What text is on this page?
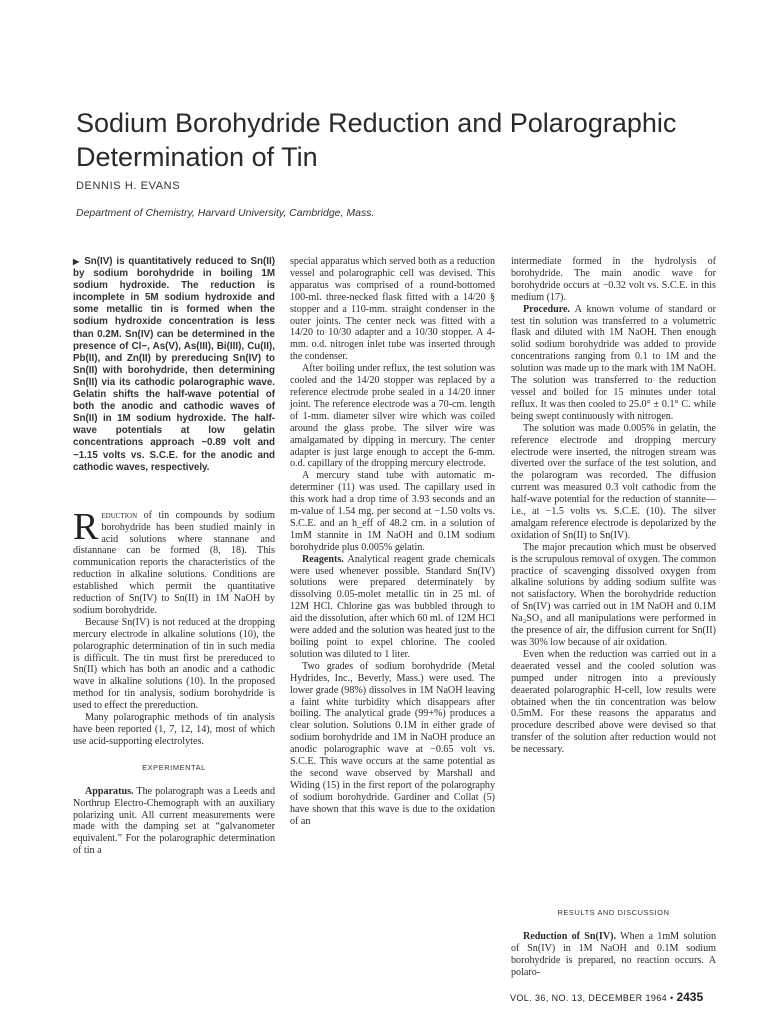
Sodium Borohydride Reduction and Polarographic Determination of Tin
DENNIS H. EVANS
Department of Chemistry, Harvard University, Cambridge, Mass.
▶ Sn(IV) is quantitatively reduced to Sn(II) by sodium borohydride in boiling 1M sodium hydroxide. The reduction is incomplete in 5M sodium hydroxide and some metallic tin is formed when the sodium hydroxide concentration is less than 0.2M. Sn(IV) can be determined in the presence of Cl−, As(V), As(III), Bi(III), Cu(II), Pb(II), and Zn(II) by prereducing Sn(IV) to Sn(II) with borohydride, then determining Sn(II) via its cathodic polarographic wave. Gelatin shifts the half-wave potential of both the anodic and cathodic waves of Sn(II) in 1M sodium hydroxide. The half-wave potentials at low gelatin concentrations approach −0.89 volt and −1.15 volts vs. S.C.E. for the anodic and cathodic waves, respectively.

Reduction of tin compounds by sodium borohydride has been studied mainly in acid solutions where stannane and distannane can be formed (8, 18). This communication reports the characteristics of the reduction in alkaline solutions. Conditions are established which permit the quantitative reduction of Sn(IV) to Sn(II) in 1M NaOH by sodium borohydride.

Because Sn(IV) is not reduced at the dropping mercury electrode in alkaline solutions (10), the polarographic determination of tin in such media is difficult. The tin must first be prereduced to Sn(II) which has both an anodic and a cathodic wave in alkaline solutions (10). In the proposed method for tin analysis, sodium borohydride is used to effect the prereduction.

Many polarographic methods of tin analysis have been reported (1, 7, 12, 14), most of which use acid-supporting electrolytes.

EXPERIMENTAL

Apparatus. The polarograph was a Leeds and Northrup Electro-Chemograph with an auxiliary polarizing unit. All current measurements were made with the damping set at “galvanometer equivalent.” For the polarographic determination of tin a

special apparatus which served both as a reduction vessel and polarographic cell was devised. This apparatus was comprised of a round-bottomed 100-ml. three-necked flask fitted with a 14/20 § stopper and a 110-mm. straight condenser in the outer joints. The center neck was fitted with a 14/20 to 10/30 adapter and a 10/30 stopper. A 4-mm. o.d. nitrogen inlet tube was inserted through the condenser.

After boiling under reflux, the test solution was cooled and the 14/20 stopper was replaced by a reference electrode probe sealed in a 14/20 inner joint. The reference electrode was a 70-cm. length of 1-mm. diameter silver wire which was coiled around the glass probe. The silver wire was amalgamated by dipping in mercury. The center adapter is just large enough to accept the 6-mm. o.d. capillary of the dropping mercury electrode.

A mercury stand tube with automatic m-determiner (11) was used. The capillary used in this work had a drop time of 3.93 seconds and an m-value of 1.54 mg. per second at −1.50 volts vs. S.C.E. and an h_eff of 48.2 cm. in a solution of 1mM stannite in 1M NaOH and 0.1M sodium borohydride plus 0.005% gelatin.

Reagents. Analytical reagent grade chemicals were used whenever possible. Standard Sn(IV) solutions were prepared determinately by dissolving 0.05-molet metallic tin in 25 ml. of 12M HCl. Chlorine gas was bubbled through to aid the dissolution, after which 60 ml. of 12M HCl were added and the solution was heated just to the boiling point to expel chlorine. The cooled solution was diluted to 1 liter.

Two grades of sodium borohydride (Metal Hydrides, Inc., Beverly, Mass.) were used. The lower grade (98%) dissolves in 1M NaOH leaving a faint white turbidity which disappears after boiling. The analytical grade (99+%) produces a clear solution. Solutions 0.1M in either grade of sodium borohydride and 1M in NaOH produce an anodic polarographic wave at −0.65 volt vs. S.C.E. This wave occurs at the same potential as the second wave observed by Marshall and Widing (15) in the first report of the polarography of sodium borohydride. Gardiner and Collat (5) have shown that this wave is due to the oxidation of an

intermediate formed in the hydrolysis of borohydride. The main anodic wave for borohydride occurs at −0.32 volt vs. S.C.E. in this medium (17).

Procedure. A known volume of standard or test tin solution was transferred to a volumetric flask and diluted with 1M NaOH. Then enough solid sodium borohydride was added to provide concentrations ranging from 0.1 to 1M and the solution was made up to the mark with 1M NaOH. The solution was transferred to the reduction vessel and boiled for 15 minutes under total reflux. It was then cooled to 25.0° ± 0.1° C. while being swept continuously with nitrogen.

The solution was made 0.005% in gelatin, the reference electrode and dropping mercury electrode were inserted, the nitrogen stream was diverted over the surface of the test solution, and the polarogram was recorded. The diffusion current was measured 0.3 volt cathodic from the half-wave potential for the reduction of stannite—i.e., at −1.5 volts vs. S.C.E. (10). The silver amalgam reference electrode is depolarized by the oxidation of Sn(II) to Sn(IV).

The major precaution which must be observed is the scrupulous removal of oxygen. The common practice of scavenging dissolved oxygen from alkaline solutions by adding sodium sulfite was not satisfactory. When the borohydride reduction of Sn(IV) was carried out in 1M NaOH and 0.1M Na₂SO₃ and all manipulations were performed in the presence of air, the diffusion current for Sn(II) was 30% low because of air oxidation.

Even when the reduction was carried out in a deaerated vessel and the cooled solution was pumped under nitrogen into a previously deaerated polarographic H-cell, low results were obtained when the tin concentration was below 0.5mM. For these reasons the apparatus and procedure described above were devised so that transfer of the solution after reduction would not be necessary.

RESULTS AND DISCUSSION

Reduction of Sn(IV). When a 1mM solution of Sn(IV) in 1M NaOH and 0.1M sodium borohydride is prepared, no reaction occurs. A polaro-

VOL. 36, NO. 13, DECEMBER 1964 • 2435
